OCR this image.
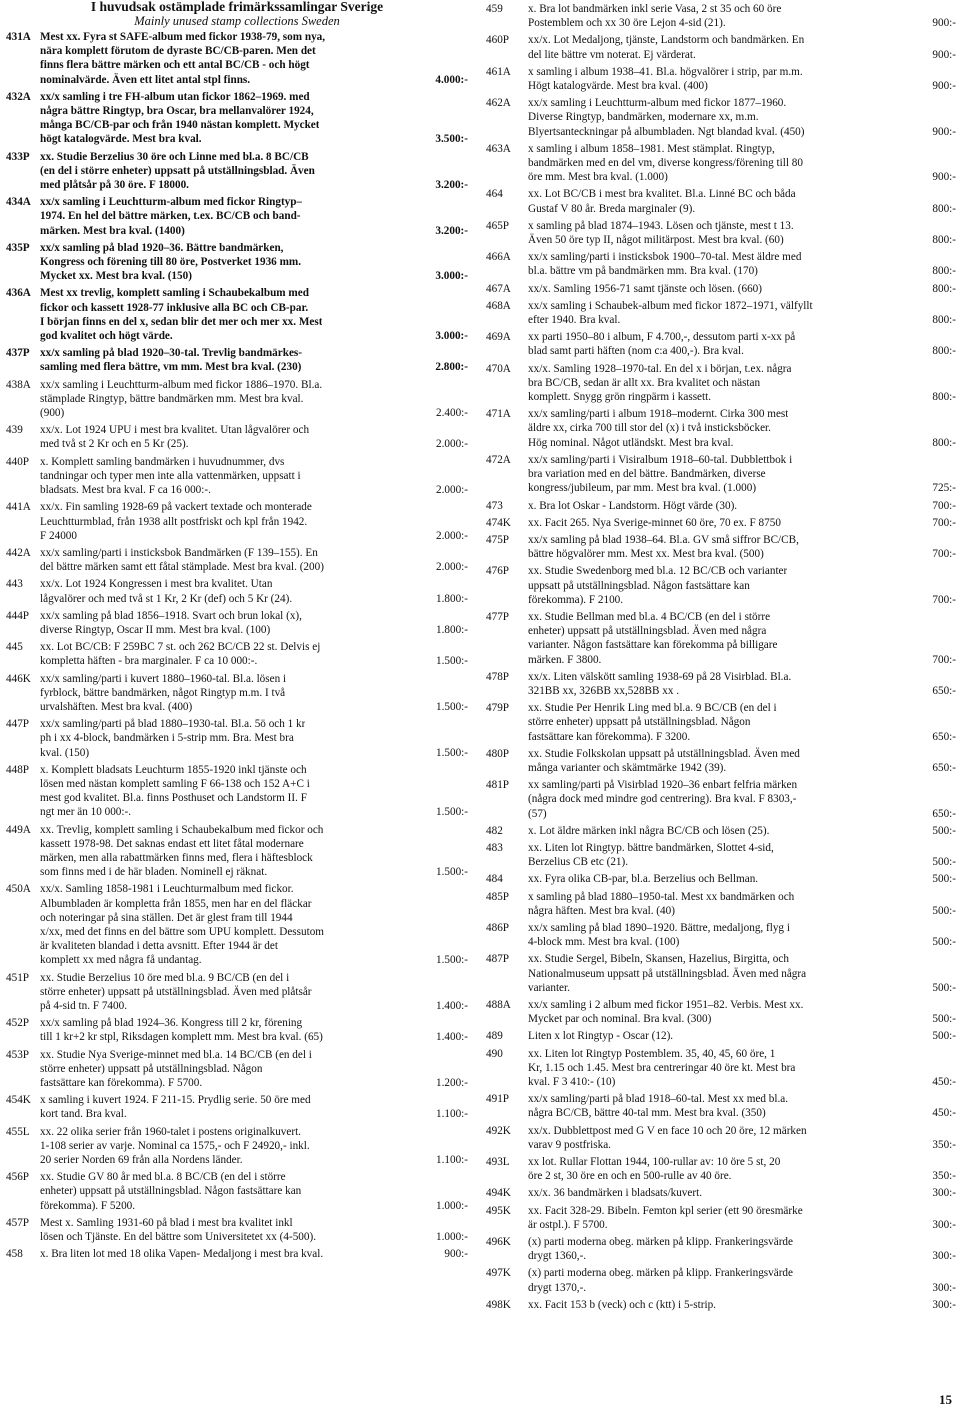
I huvudsak ostämplade frimärkssamlingar Sverige
Mainly unused stamp collections Sweden
431A Mest xx. Fyra st SAFE-album med fickor 1938-79, som nya,
nära komplett förutom de dyraste BC/CB-paren. Men det
finns flera bättre märken och ett antal BC/CB - och högt
nominalvärde. Även ett litet antal stpl finns.	4.000:-
432A xx/x samling i tre FH-album utan fickor 1862–1969. med
några bättre Ringtyp, bra Oscar, bra mellanvalörer 1924,
många BC/CB-par och från 1940 nästan komplett. Mycket
högt katalogvärde. Mest bra kval.	3.500:-
433P xx. Studie Berzelius 30 öre och Linne med bl.a. 8 BC/CB
(en del i större enheter) uppsatt på utställningsblad. Även
med plåtsår på 30 öre. F 18000.	3.200:-
434A xx/x samling i Leuchtturm-album med fickor Ringtyp–
1974. En hel del bättre märken, t.ex. BC/CB och band-
märken. Mest bra kval. (1400)	3.200:-
435P xx/x samling på blad 1920–36. Bättre bandmärken,
Kongress och förening till 80 öre, Postverket 1936 mm.
Mycket xx. Mest bra kval. (150)	3.000:-
436A Mest xx trevlig, komplett samling i Schaubekalbum med
fickor och kassett 1928-77 inklusive alla BC och CB-par.
I början finns en del x, sedan blir det mer och mer xx. Mest
god kvalitet och högt värde.	3.000:-
437P xx/x samling på blad 1920–30-tal. Trevlig bandmärkes-
samling med flera bättre, vm mm. Mest bra kval. (230)	2.800:-
438A xx/x samling i Leuchtturm-album med fickor 1886–1970. Bl.a.
stämplade Ringtyp, bättre bandmärken mm. Mest bra kval.
(900)	2.400:-
439	xx/x. Lot 1924 UPU i mest bra kvalitet. Utan lågvalörer och
med två st 2 Kr och en 5 Kr (25).	2.000:-
440P x. Komplett samling bandmärken i huvudnummer, dvs
tandningar och typer men inte alla vattenmärken, uppsatt i
bladsats. Mest bra kval. F ca 16 000:-.	2.000:-
441A xx/x. Fin samling 1928-69 på vackert textade och monterade
Leuchtturmblad, från 1938 allt postfriskt och kpl från 1942.
F 24000	2.000:-
442A xx/x samling/parti i insticksbok Bandmärken (F 139–155). En
del bättre märken samt ett fåtal stämplade. Mest bra kval. (200)	2.000:-
443	xx/x. Lot 1924 Kongressen i mest bra kvalitet. Utan
lågvalörer och med två st 1 Kr, 2 Kr (def) och 5 Kr (24).	1.800:-
444P xx/x samling på blad 1856–1918. Svart och brun lokal (x),
diverse Ringtyp, Oscar II mm. Mest bra kval. (100)	1.800:-
445	xx. Lot BC/CB: F 259BC 7 st. och 262 BC/CB 22 st. Delvis ej
kompletta häften - bra marginaler. F ca 10 000:-.	1.500:-
446K xx/x samling/parti i kuvert 1880–1960-tal. Bl.a. lösen i
fyrblock, bättre bandmärken, något Ringtyp m.m. I två
urvalshäften. Mest bra kval. (400)	1.500:-
447P xx/x samling/parti på blad 1880–1930-tal. Bl.a. 5ö och 1 kr
ph i xx 4-block, bandmärken i 5-strip mm. Bra. Mest bra
kval. (150)	1.500:-
448P x. Komplett bladsats Leuchturm 1855-1920 inkl tjänste och
lösen med nästan komplett samling F 66-138 och 152 A+C i
mest god kvalitet. Bl.a. finns Posthuset och Landstorm II. F
ngt mer än 10 000:-.	1.500:-
449A xx. Trevlig, komplett samling i Schaubekalbum med fickor och
kassett 1978-98. Det saknas endast ett litet fåtal modernare
märken, men alla rabattmärken finns med, flera i häftesblock
som finns med i de här bladen. Nominell ej räknat.	1.500:-
450A xx/x. Samling 1858-1981 i Leuchturmalbum med fickor.
Albumbladen är kompletta från 1855, men har en del fläckar
och noteringar på sina ställen. Det är glest fram till 1944
x/xx, med det finns en del bättre som UPU komplett. Dessutom
är kvaliteten blandad i detta avsnitt. Efter 1944 är det
komplett xx med några få undantag.	1.500:-
451P xx. Studie Berzelius 10 öre med bl.a. 9 BC/CB (en del i
större enheter) uppsatt på utställningsblad. Även med plåtsår
på 4-sid tn. F 7400.	1.400:-
452P xx/x samling på blad 1924–36. Kongress till 2 kr, förening
till 1 kr+2 kr stpl, Riksdagen komplett mm. Mest bra kval. (65)	1.400:-
453P xx. Studie Nya Sverige-minnet med bl.a. 14 BC/CB (en del i
större enheter) uppsatt på utställningsblad. Någon
fastsättare kan förekomma). F 5700.	1.200:-
454K x samling i kuvert 1924. F 211-15. Prydlig serie. 50 öre med
kort tand. Bra kval.	1.100:-
455L xx. 22 olika serier från 1960-talet i postens originalkuvert.
1-108 serier av varje. Nominal ca 1575,- och F 24920,- inkl.
20 serier Norden 69 från alla Nordens länder.	1.100:-
456P xx. Studie GV 80 år med bl.a. 8 BC/CB (en del i större
enheter) uppsatt på utställningsblad. Någon fastsättare kan
förekomma). F 5200.	1.000:-
457P Mest x. Samling 1931-60 på blad i mest bra kvalitet inkl
lösen och Tjänste. En del bättre som Universitetet xx (4-500).	1.000:-
458	x. Bra liten lot med 18 olika Vapen- Medaljong i mest bra kval.	900:-
459	x. Bra lot bandmärken inkl serie Vasa, 2 st 35 och 60 öre
Postemblem och xx 30 öre Lejon 4-sid (21).	900:-
460P	xx/x. Lot Medaljong, tjänste, Landstorm och bandmärken. En
del lite bättre vm noterat. Ej värderat.	900:-
461A	x samling i album 1938–41. Bl.a. högvalörer i strip, par m.m.
Högt katalogvärde. Mest bra kval. (400)	900:-
462A	xx/x samling i Leuchtturm-album med fickor 1877–1960.
Diverse Ringtyp, bandmärken, modernare xx, m.m.
Blyertsanteckningar på albumbladen. Ngt blandad kval. (450)	900:-
463A	x samling i album 1858–1981. Mest stämplat. Ringtyp,
bandmärken med en del vm, diverse kongress/förening till 80
öre mm. Mest bra kval. (1.000)	900:-
464	xx. Lot BC/CB i mest bra kvalitet. Bl.a. Linné BC och båda
Gustaf V 80 år. Breda marginaler (9).	800:-
465P	x samling på blad 1874–1943. Lösen och tjänste, mest t 13.
Även 50 öre typ II, något militärpost. Mest bra kval. (60)	800:-
466A	xx/x samling/parti i insticksbok 1900–70-tal. Mest äldre med
bl.a. bättre vm på bandmärken mm. Bra kval. (170)	800:-
467A	xx/x. Samling 1956-71 samt tjänste och lösen. (660)	800:-
468A	xx/x samling i Schaubek-album med fickor 1872–1971, välfyllt
efter 1940. Bra kval.	800:-
469A	xx parti 1950–80 i album, F 4.700,-, dessutom parti x-xx på
blad samt parti häften (nom c:a 400,-). Bra kval.	800:-
470A	xx/x. Samling 1928–1970-tal. En del x i början, t.ex. några
bra BC/CB, sedan är allt xx. Bra kvalitet och nästan
komplett. Snygg grön ringpärm i kassett.	800:-
471A	xx/x samling/parti i album 1918–modernt. Cirka 300 mest
äldre xx, cirka 700 till stor del (x) i två insticksböcker.
Hög nominal. Något utländskt. Mest bra kval.	800:-
472A	xx/x samling/parti i Visiralbum 1918–60-tal. Dubblettbok i
bra variation med en del bättre. Bandmärken, diverse
kongress/jubileum, par mm. Mest bra kval. (1.000)	725:-
473	x. Bra lot Oskar - Landstorm. Högt värde (30).	700:-
474K	xx. Facit 265. Nya Sverige-minnet 60 öre, 70 ex. F 8750	700:-
475P	xx/x samling på blad 1938–64. Bl.a. GV små siffror BC/CB,
bättre högvalörer mm. Mest xx. Mest bra kval. (500)	700:-
476P	xx. Studie Swedenborg med bl.a. 12 BC/CB och varianter
uppsatt på utställningsblad. Någon fastsättare kan
förekomma). F 2100.	700:-
477P	xx. Studie Bellman med bl.a. 4 BC/CB (en del i större
enheter) uppsatt på utställningsblad. Även med några
varianter. Någon fastsättare kan förekomma på billigare
märken. F 3800.	700:-
478P	xx/x. Liten välskött samling 1938-69 på 28 Visirblad. Bl.a.
321BB xx, 326BB xx,528BB xx .	650:-
479P	xx. Studie Per Henrik Ling med bl.a. 9 BC/CB (en del i
större enheter) uppsatt på utställningsblad. Någon
fastsättare kan förekomma). F 3200.	650:-
480P	xx. Studie Folkskolan uppsatt på utställningsblad. Även med
många varianter och skämtmärke 1942 (39).	650:-
481P	xx samling/parti på Visirblad 1920–36 enbart felfria märken
(några dock med mindre god centrering). Bra kval. F 8303,-
(57)	650:-
482	x. Lot äldre märken inkl några BC/CB och lösen (25).	500:-
483	xx. Liten lot Ringtyp. bättre bandmärken, Slottet 4-sid,
Berzelius CB etc (21).	500:-
484	xx. Fyra olika CB-par, bl.a. Berzelius och Bellman.	500:-
485P	x samling på blad 1880–1950-tal. Mest xx bandmärken och
några häften. Mest bra kval. (40)	500:-
486P	xx/x samling på blad 1890–1920. Bättre, medaljong, flyg i
4-block mm. Mest bra kval. (100)	500:-
487P	xx. Studie Sergel, Bibeln, Skansen, Hazelius, Birgitta, och
Nationalmuseum uppsatt på utställningsblad. Även med några
varianter.	500:-
488A	xx/x samling i 2 album med fickor 1951–82. Verbis. Mest xx.
Mycket par och nominal. Bra kval. (300)	500:-
489	Liten x lot Ringtyp - Oscar (12).	500:-
490	xx. Liten lot Ringtyp Postemblem. 35, 40, 45, 60 öre, 1
Kr, 1.15 och 1.45. Mest bra centreringar 40 öre kt. Mest bra
kval. F 3 410:- (10)	450:-
491P	xx/x samling/parti på blad 1918–60-tal. Mest xx med bl.a.
några BC/CB, bättre 40-tal mm. Mest bra kval. (350)	450:-
492K	xx/x. Dubblettpost med G V en face 10 och 20 öre, 12 märken
varav 9 postfriska.	350:-
493L	xx lot. Rullar Flottan 1944, 100-rullar av: 10 öre 5 st, 20
öre 2 st, 30 öre en och en 500-rulle av 40 öre.	350:-
494K	xx/x. 36 bandmärken i bladsats/kuvert.	300:-
495K	xx. Facit 328-29. Bibeln. Femton kpl serier (ett 90 öresmärke
är ostpl.). F 5700.	300:-
496K	(x) parti moderna obeg. märken på klipp. Frankeringsvärde
drygt 1360,-.	300:-
497K	(x) parti moderna obeg. märken på klipp. Frankeringsvärde
drygt 1370,-.	300:-
498K	xx. Facit 153 b (veck) och c (ktt) i 5-strip.	300:-
15
